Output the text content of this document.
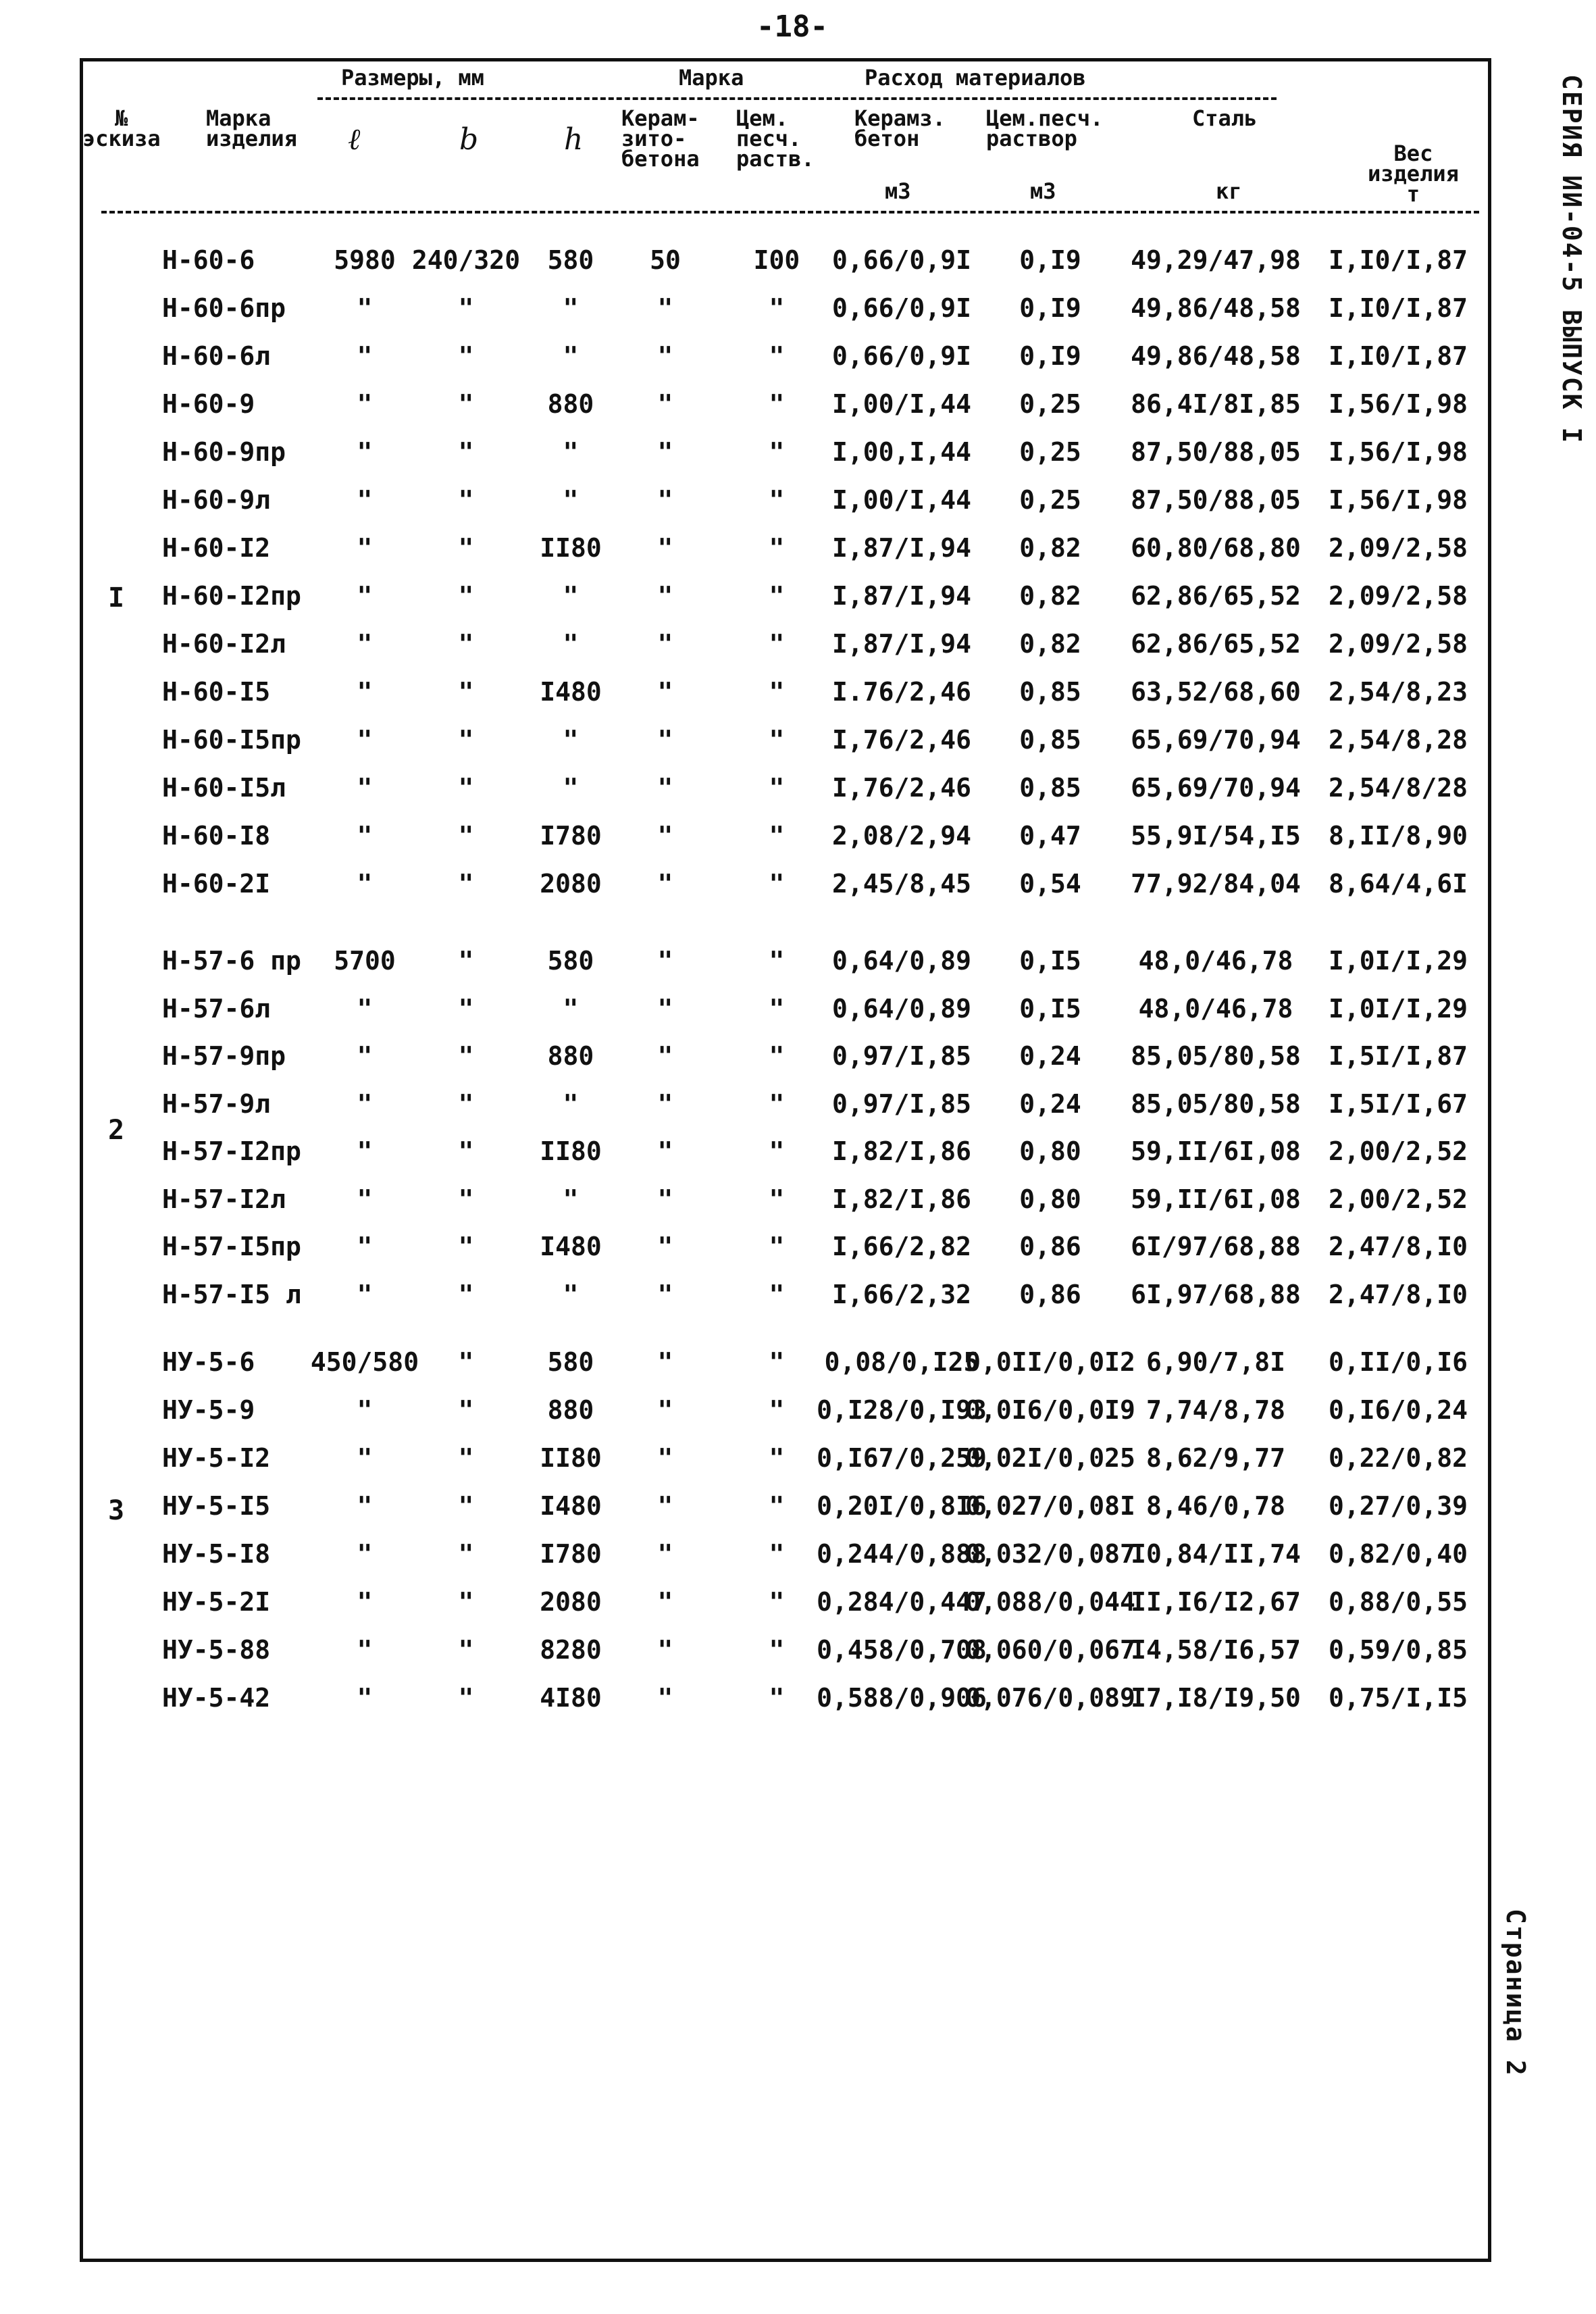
-18-
СЕРИЯ ИИ-04-5 ВЫПУСК I
Страница 2
Размеры, мм	Марка	Расход материалов
№
эскиза
Марка
изделия ℓ	b	h
Керам-
зито-
бетона
Цем.
песч.
раств.
Керамз.
бетон
Цем.песч.
раствор
Сталь
Вес
изделия
т
м3	м3	кг
I
2
3
Н-60-6	5980 240/320 580 50	I00 0,66/0,9I 0,I9 49,29/47,98 I,I0/I,87
Н-60-6пр	"	"	"	"	" 0,66/0,9I 0,I9 49,86/48,58 I,I0/I,87
Н-60-6л	"	"	"	"	" 0,66/0,9I 0,I9 49,86/48,58 I,I0/I,87
Н-60-9	"	"	880 "	" I,00/I,44 0,25 86,4I/8I,85 I,56/I,98
Н-60-9пр	"	"	"	"	" I,00,I,44 0,25 87,50/88,05 I,56/I,98
Н-60-9л	"	"	"	"	" I,00/I,44 0,25 87,50/88,05 I,56/I,98
Н-60-I2	"	"	II80 "	" I,87/I,94 0,82 60,80/68,80 2,09/2,58
Н-60-I2пр "	"	"	"	" I,87/I,94 0,82 62,86/65,52 2,09/2,58
Н-60-I2л	"	"	"	"	" I,87/I,94 0,82 62,86/65,52 2,09/2,58
Н-60-I5	"	"	I480 "	" I.76/2,46 0,85 63,52/68,60 2,54/8,23
Н-60-I5пр "	"	"	"	" I,76/2,46 0,85 65,69/70,94 2,54/8,28
Н-60-I5л	"	"	"	"	" I,76/2,46 0,85 65,69/70,94 2,54/8/28
Н-60-I8	"	"	I780 "	" 2,08/2,94 0,47 55,9I/54,I5 8,II/8,90
Н-60-2I	"	"	2080 "	" 2,45/8,45 0,54 77,92/84,04 8,64/4,6I
Н-57-6 пр 5700 "	580 "	" 0,64/0,89 0,I5 48,0/46,78 I,0I/I,29
Н-57-6л	"	"	"	"	" 0,64/0,89 0,I5 48,0/46,78 I,0I/I,29
Н-57-9пр	"	"	880 "	" 0,97/I,85 0,24 85,05/80,58 I,5I/I,87
Н-57-9л	"	"	"	"	" 0,97/I,85 0,24 85,05/80,58 I,5I/I,67
Н-57-I2пр "	"	II80 "	" I,82/I,86 0,80 59,II/6I,08 2,00/2,52
Н-57-I2л	"	"	"	"	" I,82/I,86 0,80 59,II/6I,08 2,00/2,52
Н-57-I5пр "	"	I480 "	" I,66/2,82 0,86 6I/97/68,88 2,47/8,I0
Н-57-I5 л "	"	"	"	" I,66/2,32 0,86 6I,97/68,88 2,47/8,I0
НУ-5-6 450/580 "	580 "	" 0,08/0,I25
0,0II/0,0I2 6,90/7,8I 0,II/0,I6
НУ-5-9	"	"	880 "	" 0,I28/0,I93
0,0I6/0,0I9 7,74/8,78 0,I6/0,24
НУ-5-I2	"	"	II80 "	" 0,I67/0,259
0,02I/0,025 8,62/9,77 0,22/0,82
НУ-5-I5	"	"	I480 "	" 0,20I/0,8I6
0,027/0,08I 8,46/0,78 0,27/0,39
НУ-5-I8	"	"	I780 "	" 0,244/0,888
0,032/0,087
I0,84/II,74 0,82/0,40
НУ-5-2I	"	"	2080 "	" 0,284/0,447
0,088/0,044
II,I6/I2,67 0,88/0,55
НУ-5-88	"	"	8280 "	" 0,458/0,708
0,060/0,067
I4,58/I6,57 0,59/0,85
НУ-5-42	"	"	4I80 "	" 0,588/0,906
0,076/0,089
I7,I8/I9,50 0,75/I,I5
